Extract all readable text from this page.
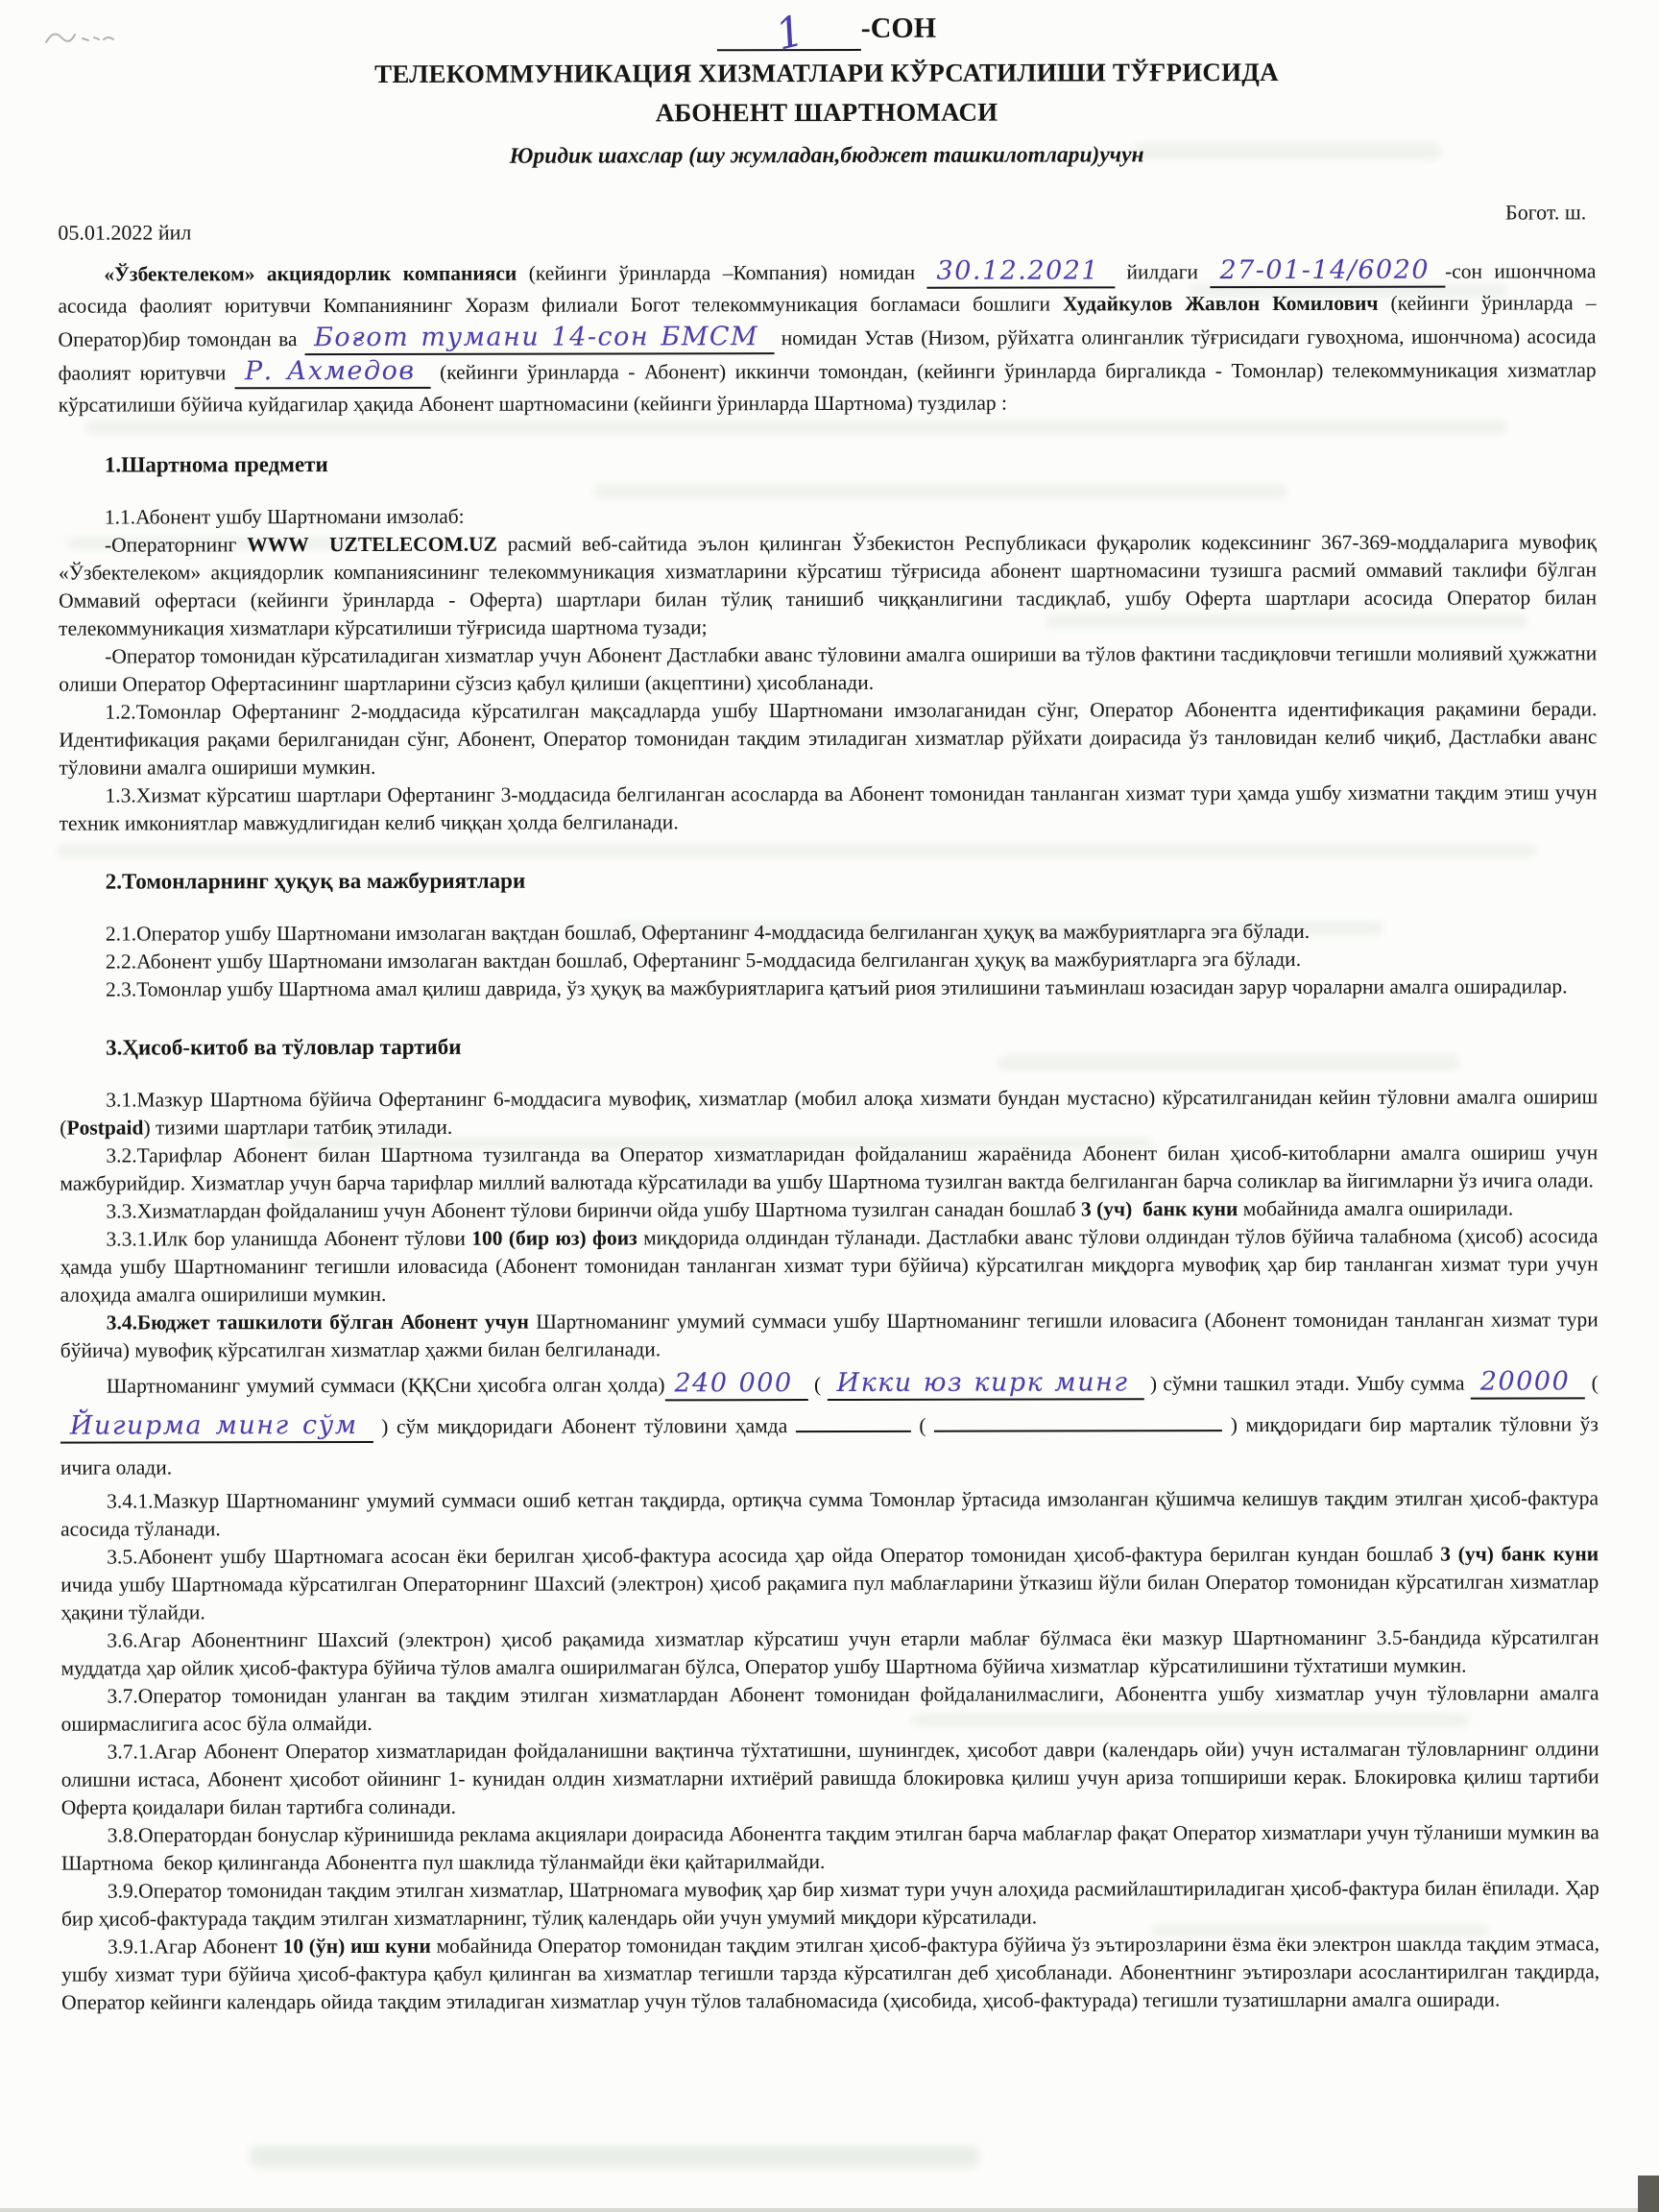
1 -СОН
ТЕЛЕКОММУНИКАЦИЯ ХИЗМАТЛАРИ КЎРСАТИЛИШИ ТЎҒРИСИДА
АБОНЕНТ ШАРТНОМАСИ
Юридик шахслар (шу жумладан,бюджет ташкилотлари)учун
05.01.2022 йил
Богот. ш.

«Ўзбектелеком» акциядорлик компанияси (кейинги ўринларда –Компания) номидан 30.12.2021 йилдаги 27-01-14/6020 -сон ишончнома асосида фаолият юритувчи Компаниянинг Хоразм филиали Богот телекоммуникация богламаси бошлиги Худайкулов Жавлон Комилович (кейинги ўринларда – Оператор)бир томондан ва Боғот тумани 14-сон БМСМ номидан Устав (Низом, рўйхатга олинганлик тўғрисидаги гувоҳнома, ишончнома) асосида  фаолият юритувчи Р. Ахмедов (кейинги ўринларда - Абонент) иккинчи томондан, (кейинги ўринларда биргаликда - Томонлар) телекоммуникация хизматлар кўрсатилиши бўйича куйдагилар ҳақида Абонент шартномасини (кейинги ўринларда Шартнома) туздилар :

1.Шартнома предмети

1.1.Абонент ушбу Шартномани имзолаб:

-Операторнинг WWW  UZTELECOM.UZ расмий веб-сайтида эълон қилинган Ўзбекистон Республикаси фуқаролик кодексининг 367-369-моддаларига мувофиқ «Ўзбектелеком» акциядорлик компаниясининг телекоммуникация хизматларини кўрсатиш тўғрисида абонент шартномасини тузишга расмий оммавий таклифи бўлган Оммавий офертаси (кейинги ўринларда - Оферта) шартлари билан тўлиқ танишиб чиққанлигини тасдиқлаб, ушбу Оферта шартлари асосида Оператор билан телекоммуникация хизматлари кўрсатилиши тўғрисида шартнома тузади;

-Оператор томонидан кўрсатиладиган хизматлар учун Абонент Дастлабки аванс тўловини амалга ошириши ва тўлов фактини тасдиқловчи тегишли молиявий ҳужжатни олиши Оператор Офертасининг шартларини сўзсиз қабул қилиши (акцептини) ҳисобланади.

1.2.Томонлар Офертанинг 2-моддасида кўрсатилган мақсадларда ушбу Шартномани имзолаганидан сўнг, Оператор Абонентга идентификация рақамини беради. Идентификация рақами берилганидан сўнг, Абонент, Оператор томонидан тақдим этиладиган хизматлар рўйхати доирасида ўз танловидан келиб чиқиб, Дастлабки аванс тўловини амалга ошириши мумкин.

1.3.Хизмат кўрсатиш шартлари Офертанинг 3-моддасида белгиланган асосларда ва Абонент томонидан танланган хизмат тури ҳамда ушбу хизматни тақдим этиш учун техник имкониятлар мавжудлигидан келиб чиққан ҳолда белгиланади.

2.Томонларнинг ҳуқуқ ва мажбуриятлари

2.1.Оператор ушбу Шартномани имзолаган вақтдан бошлаб, Офертанинг 4-моддасида белгиланган ҳуқуқ ва мажбуриятларга эга бўлади.

2.2.Абонент ушбу Шартномани имзолаган вактдан бошлаб, Офертанинг 5-моддасида белгиланган ҳуқуқ ва мажбуриятларга эга бўлади.

2.3.Томонлар ушбу Шартнома амал қилиш даврида, ўз ҳуқуқ ва мажбуриятларига қатъий риоя этилишини таъминлаш юзасидан зарур чораларни амалга оширадилар.

3.Ҳисоб-китоб ва тўловлар тартиби

3.1.Мазкур Шартнома бўйича Офертанинг 6-моддасига мувофиқ, хизматлар (мобил алоқа хизмати бундан мустасно) кўрсатилганидан кейин тўловни амалга ошириш (Postpaid) тизими шартлари татбиқ этилади.

3.2.Тарифлар Абонент билан Шартнома тузилганда ва Оператор хизматларидан фойдаланиш жараёнида Абонент билан ҳисоб-китобларни амалга ошириш учун мажбурийдир. Хизматлар учун барча тарифлар миллий валютада кўрсатилади ва ушбу Шартнома тузилган вактда белгиланган барча соликлар ва йигимларни ўз ичига олади.

3.3.Хизматлардан фойдаланиш учун Абонент тўлови биринчи ойда ушбу Шартнома тузилган санадан бошлаб 3 (уч)  банк куни мобайнида амалга оширилади.

3.3.1.Илк бор уланишда Абонент тўлови 100 (бир юз) фоиз миқдорида олдиндан тўланади. Дастлабки аванс тўлови олдиндан тўлов бўйича талабнома (ҳисоб) асосида ҳамда ушбу Шартноманинг тегишли иловасида (Абонент томонидан танланган хизмат тури бўйича) кўрсатилган миқдорга мувофиқ ҳар бир танланган хизмат тури учун алоҳида амалга оширилиши мумкин.

3.4.Бюджет ташкилоти бўлган Абонент учун Шартноманинг умумий суммаси ушбу Шартноманинг тегишли иловасига (Абонент томонидан танланган хизмат тури бўйича) мувофиқ кўрсатилган хизматлар ҳажми билан белгиланади.

Шартноманинг умумий суммаси (ҚҚСни ҳисобга олган ҳолда) 240 000 ( Икки юз кирк минг ) сўмни ташкил этади. Ушбу сумма 20000 ( Йигирма минг сўм ) сўм миқдоридаги Абонент тўловини ҳамда	(	) миқдоридаги бир марталик тўловни ўз ичига олади.

3.4.1.Мазкур Шартноманинг умумий суммаси ошиб кетган тақдирда, ортиқча сумма Томонлар ўртасида имзоланган қўшимча келишув тақдим этилган ҳисоб-фактура асосида тўланади.

3.5.Абонент ушбу Шартномага асосан ёки берилган ҳисоб-фактура асосида ҳар ойда Оператор томонидан ҳисоб-фактура берилган кундан бошлаб 3 (уч) банк куни ичида ушбу Шартномада кўрсатилган Операторнинг Шахсий (электрон) ҳисоб рақамига пул маблағларини ўтказиш йўли билан Оператор томонидан кўрсатилган хизматлар ҳақини тўлайди.

3.6.Агар Абонентнинг Шахсий (электрон) ҳисоб рақамида хизматлар кўрсатиш учун етарли маблағ бўлмаса ёки мазкур Шартноманинг 3.5-бандида кўрсатилган муддатда ҳар ойлик ҳисоб-фактура бўйича тўлов амалга оширилмаган бўлса, Оператор ушбу Шартнома бўйича хизматлар  кўрсатилишини тўхтатиши мумкин.

3.7.Оператор томонидан уланган ва тақдим этилган хизматлардан Абонент томонидан фойдаланилмаслиги, Абонентга ушбу хизматлар учун тўловларни амалга оширмаслигига асос бўла олмайди.

3.7.1.Агар Абонент Оператор хизматларидан фойдаланишни вақтинча тўхтатишни, шунингдек, ҳисобот даври (календарь ойи) учун исталмаган тўловларнинг олдини олишни истаса, Абонент ҳисобот ойининг 1- кунидан олдин хизматларни ихтиёрий равишда блокировка қилиш учун ариза топшириши керак. Блокировка қилиш тартиби Оферта қоидалари билан тартибга солинади.

3.8.Оператордан бонуслар кўринишида реклама акциялари доирасида Абонентга тақдим этилган барча маблағлар фақат Оператор хизматлари учун тўланиши мумкин ва Шартнома  бекор қилинганда Абонентга пул шаклида тўланмайди ёки қайтарилмайди.

3.9.Оператор томонидан тақдим этилган хизматлар, Шатрномага мувофиқ ҳар бир хизмат тури учун алоҳида расмийлаштириладиган ҳисоб-фактура билан ёпилади. Ҳар бир ҳисоб-фактурада тақдим этилган хизматларнинг, тўлиқ календарь ойи учун умумий миқдори кўрсатилади.

3.9.1.Агар Абонент 10 (ўн) иш куни мобайнида Оператор томонидан тақдим этилган ҳисоб-фактура бўйича ўз эътирозларини ёзма ёки электрон шаклда тақдим этмаса, ушбу хизмат тури бўйича ҳисоб-фактура қабул қилинган ва хизматлар тегишли тарзда кўрсатилган деб ҳисобланади. Абонентнинг эътирозлари асослантирилган тақдирда, Оператор кейинги календарь ойида тақдим этиладиган хизматлар учун тўлов талабномасида (ҳисобида, ҳисоб-фактурада) тегишли тузатишларни амалга оширади.
